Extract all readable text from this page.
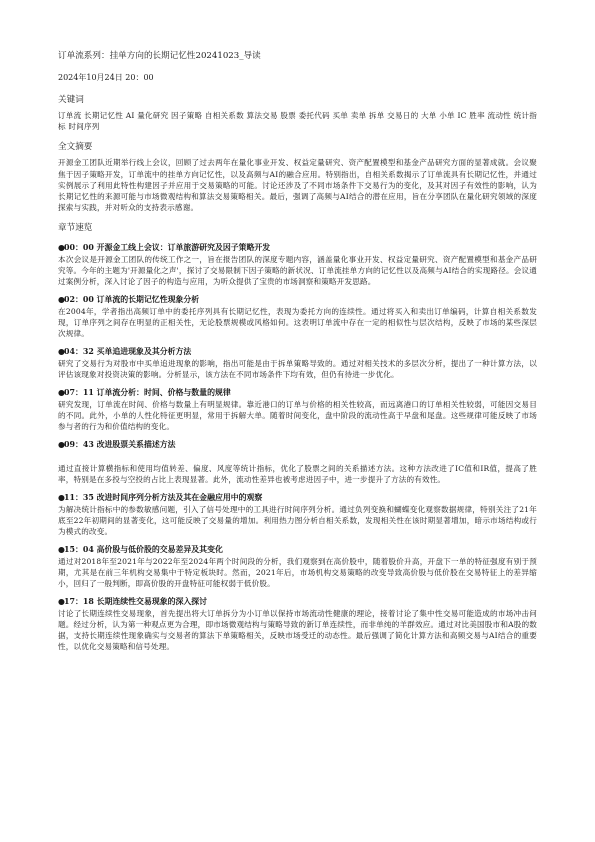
订单流系列：挂单方向的长期记忆性20241023_导读
2024年10月24日 20：00
关键词
订单流 长期记忆性 AI 量化研究 因子策略 自相关系数 算法交易 股票 委托代码 买单 卖单 拆单 交易日的 大单 小单 IC 胜率 流动性 统计指标 时间序列
全文摘要
开源金工团队近期举行线上会议，回顾了过去两年在量化事业开发、权益定量研究、资产配置模型和基金产品研究方面的显著成就。会议聚焦于因子策略开发，订单流中的挂单方向记忆性，以及高频与AI的融合应用。特别指出，自相关系数揭示了订单流具有长期记忆性，并通过实例展示了利用此特性构建因子并应用于交易策略的可能。讨论还涉及了不同市场条件下交易行为的变化，及其对因子有效性的影响，认为长期记忆性的来源可能与市场微观结构和算法交易策略相关。最后，强调了高频与AI结合的潜在应用，旨在分享团队在量化研究领域的深度探索与实践，并对听众的支持表示感谢。
章节速览
●00：00 开源金工线上会议：订单旅游研究及因子策略开发
本次会议是开源金工团队的传统工作之一，旨在报告团队的深度专题内容，涵盖量化事业开发、权益定量研究、资产配置模型和基金产品研究等。今年的主题为'开源量化之声'，探讨了交易限制下因子策略的新状况、订单流挂单方向的记忆性以及高频与AI结合的实现路径。会议通过案例分析，深入讨论了因子的构造与应用，为听众提供了宝贵的市场洞察和策略开发思路。
●02：00 订单流的长期记忆性现象分析
在2004年，学者指出高频订单中的委托序列具有长期记忆性，表现为委托方向的连续性。通过将买入和卖出订单编码，计算自相关系数发现，订单序列之间存在明显的正相关性，无论股票规模或风格如何。这表明订单流中存在一定的相似性与层次结构，反映了市场的某些深层次规律。
●04：32 买单追进现象及其分析方法
研究了交易行为对股市中买单追进现象的影响，指出可能是由于拆单策略导致的。通过对相关技术的多层次分析，提出了一种计算方法，以评估该现象对投资决策的影响。分析显示，该方法在不同市场条件下均有效，但仍有待进一步优化。
●07：11 订单流分析：时间、价格与数量的规律
研究发现，订单流在时间、价格与数量上有明显规律。靠近港口的订单与价格的相关性较高，而远离港口的订单相关性较弱，可能因交易目的不同。此外，小单的人性化特征更明显，常用于拆解大单。随着时间变化，盘中阶段的流动性高于早盘和尾盘。这些规律可能反映了市场参与者的行为和价值结构的变化。
●09：43 改进股票关系描述方法
通过直接计算横指标和使用均值转差、偏度、风度等统计指标，优化了股票之间的关系描述方法。这种方法改进了IC值和IR值，提高了胜率，特别是在多投与空投的占比上表现显著。此外，流动性差异也被考虑进因子中，进一步提升了方法的有效性。
●11：35 改进时间序列分析方法及其在金融应用中的观察
为解决统计指标中的参数敏感问题，引入了信号处理中的工具进行时间序列分析。通过负列变换和蝴蝶变化观察数据规律，特别关注了21年底至22年初期间的显著变化，这可能反映了交易量的增加。利用热力图分析自相关系数，发现相关性在该时期显著增加，暗示市场结构或行为模式的改变。
●15：04 高价股与低价股的交易差异及其变化
通过对2018年至2021年与2022年至2024年两个时间段的分析，我们观察到在高价股中，随着股价升高，开盘下一单的特征强度有别于预期，尤其是在前三年机构交易集中于特定板块时。然而，2021年后，市场机构交易策略的改变导致高价股与低价股在交易特征上的差异缩小，回归了一般判断，即高价股的开盘特征可能权弱于低价股。
●17：18 长期连续性交易现象的深入探讨
讨论了长期连续性交易现象，首先提出将大订单拆分为小订单以保持市场流动性健康的理论，接着讨论了集中性交易可能造成的市场冲击问题。经过分析，认为第一种观点更为合理，即市场微观结构与策略导致的新订单连续性，而非单纯的羊群效应。通过对比美国股市和A股的数据，支持长期连续性现象确实与交易者的算法下单策略相关，反映市场受迁的动态性。最后强调了简化计算方法和高频交易与AI结合的重要性，以优化交易策略和信号处理。
